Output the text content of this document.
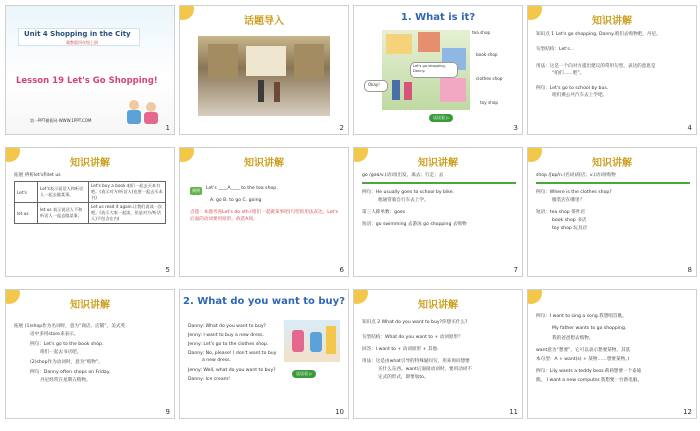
Unit 4 Shopping in the City
冀教版四年级上册
Lesson 19 Let's Go Shopping!
第一PPT模板网-WWW.1PPT.COM
1
话题导入
2
1. What is it?
tea shop
book shop
clothes shop
toy shop
Let's go shopping, Danny.
Okay!
谈谈看 ▷
3
知识讲解
知识点 1 Let's go shopping, Danny.咱们去购物吧，丹尼。
句型结构：Let's...
用法：这是一个向对方提出建议的常用句型，表达的意思是
“咱们……吧”。
例句：Let's go to school by bus.
咱们乘公共汽车去上学吧。
4
知识讲解
拓展 辨析let's和let us
Let's	Let's表示说话人和听话人一起去做某事。	Let's buy a book.咱们一起去买本书吧。(表示对方/听话人)也要一起去买本书)
let us	let us 表示说话人不和听话人一起去做某事。	Let us read it again.让我们再读一次吧。(表示大家一起读，但是对方/听话人)不包含在内)
5
知识讲解
典例	Let's ____A____ to the tea shop.
A. go B. to go C. going
点拨：本题考查Let's do sth.(咱们一起做某事吧)句型的用法表达。Let's后面的动词要用原形。故选A项。
6
知识讲解
go /gəʊ/v.(动词)出发，离去；行走；去
例句：He usually goes to school by bike.
他通常骑自行车去上学。
第三人称单数：goes
短语：go swimming 去游泳 go shopping 去购物
7
知识讲解
shop /ʃɒp/n.(名词)商店；v.(动词)购物
例句：Where is the clothes shop?
服装店在哪里？
短语：tea shop 茶叶店
book shop 书店
toy shop 玩具店
8
知识讲解
拓展 (1)shop作为名词时，意为“商店、店铺”，美式英
语中多用store来表示。
例句：Let's go to the book shop.
咱们一起去书店吧。
(2)shop作为动词时，意为“购物”。
例句：Danny often shops on Friday.
丹尼经常在星期五购物。
9
2. What do you want to buy?
Danny: What do you want to buy?
Jenny: I want to buy a new dress.
Jenny: Let's go to the clothes shop.
Danny: No, please! I don't want to buy
a new dress.
Jenny: Well, what do you want to buy?
Danny: Ice cream!
谈谈看 ▷
10
知识讲解
知识点 2 What do you want to buy?你想买什么?
句型结构：What do you want to + 动词原形？
回答：I want to + 动词原形 + 其他.
用法：这是由what引导的特殊疑问句，用来询问想要
买什么东西。want后面接动词时，要用动词不
定式的形式，即要加to。
11
例句：I want to sing a song.我想唱首歌。
My father wants to go shopping.
我的爸爸想去购物。
want意为“想要”，它可以表示想要某物。其基
本句型：A + want(s) + 某物……想要某物。)
例句：Lily wants a teddy bear.莉莉想要一个泰迪
熊。 I want a new computer.我想要一台新电脑。
12
